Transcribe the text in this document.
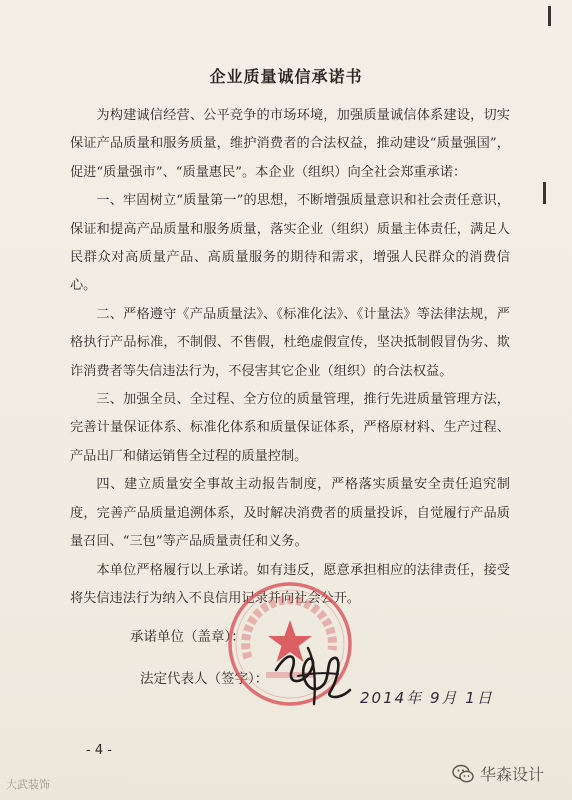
企业质量诚信承诺书

为构建诚信经营、公平竞争的市场环境，加强质量诚信体系建设，切实保证产品质量和服务质量，维护消费者的合法权益，推动建设“质量强国”，促进“质量强市”、“质量惠民”。本企业（组织）向全社会郑重承诺：

一、牢固树立“质量第一”的思想，不断增强质量意识和社会责任意识，保证和提高产品质量和服务质量，落实企业（组织）质量主体责任，满足人民群众对高质量产品、高质量服务的期待和需求，增强人民群众的消费信心。

二、严格遵守《产品质量法》、《标准化法》、《计量法》等法律法规，严格执行产品标准，不制假、不售假，杜绝虚假宣传，坚决抵制假冒伪劣、欺诈消费者等失信违法行为，不侵害其它企业（组织）的合法权益。

三、加强全员、全过程、全方位的质量管理，推行先进质量管理方法，完善计量保证体系、标准化体系和质量保证体系，严格原材料、生产过程、产品出厂和储运销售全过程的质量控制。

四、建立质量安全事故主动报告制度，严格落实质量安全责任追究制度，完善产品质量追溯体系，及时解决消费者的质量投诉，自觉履行产品质量召回、“三包”等产品质量责任和义务。

本单位严格履行以上承诺。如有违反，愿意承担相应的法律责任，接受将失信违法行为纳入不良信用记录并向社会公开。

承诺单位（盖章）：
法定代表人（签字）：
2014年 9月 1日
- 4 -
大武装饰
华森设计
